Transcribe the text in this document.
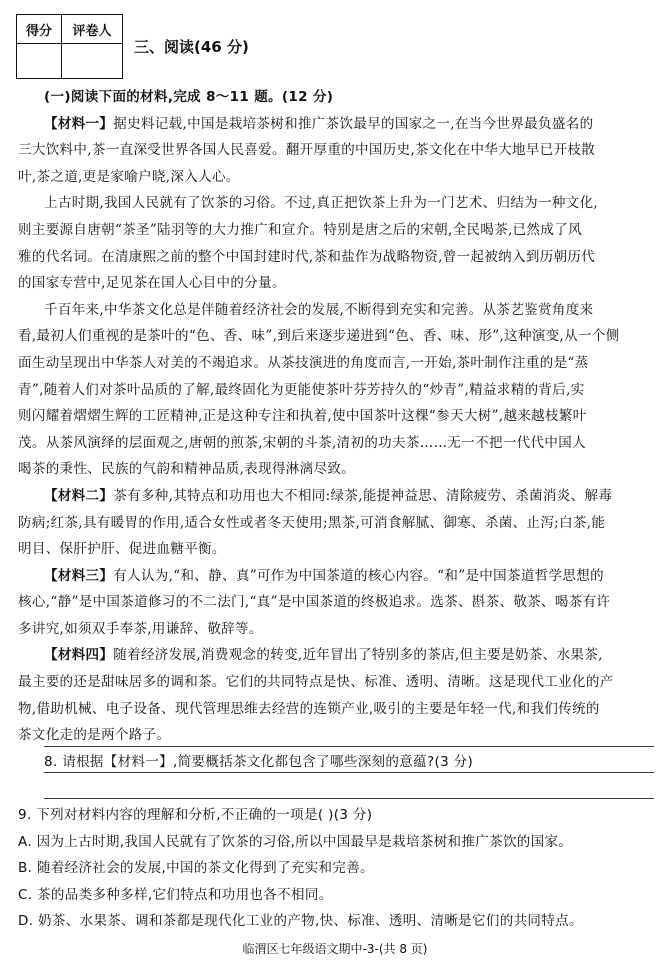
得分	评卷人

三、阅读(46 分)
(一)阅读下面的材料,完成 8～11 题。(12 分)
【材料一】据史料记载,中国是栽培茶树和推广茶饮最早的国家之一,在当今世界最负盛名的
三大饮料中,茶一直深受世界各国人民喜爱。翻开厚重的中国历史,茶文化在中华大地早已开枝散
叶,茶之道,更是家喻户晓,深入人心。
上古时期,我国人民就有了饮茶的习俗。不过,真正把饮茶上升为一门艺术、归结为一种文化,
则主要源自唐朝“茶圣”陆羽等的大力推广和宣介。特别是唐之后的宋朝,全民喝茶,已然成了风
雅的代名词。在清康熙之前的整个中国封建时代,茶和盐作为战略物资,曾一起被纳入到历朝历代
的国家专营中,足见茶在国人心目中的分量。
千百年来,中华茶文化总是伴随着经济社会的发展,不断得到充实和完善。从茶艺鉴赏角度来
看,最初人们重视的是茶叶的“色、香、味”,到后来逐步递进到“色、香、味、形”,这种演变,从一个侧
面生动呈现出中华茶人对美的不竭追求。从茶技演进的角度而言,一开始,茶叶制作注重的是“蒸
青”,随着人们对茶叶品质的了解,最终固化为更能使茶叶芬芳持久的“炒青”,精益求精的背后,实
则闪耀着熠熠生辉的工匠精神,正是这种专注和执着,使中国茶叶这棵“参天大树”,越来越枝繁叶
茂。从茶风演绎的层面观之,唐朝的煎茶,宋朝的斗茶,清初的功夫茶……无一不把一代代中国人
喝茶的秉性、民族的气韵和精神品质,表现得淋漓尽致。
【材料二】茶有多种,其特点和功用也大不相同:绿茶,能提神益思、清除疲劳、杀菌消炎、解毒
防病;红茶,具有暖胃的作用,适合女性或者冬天使用;黑茶,可消食解腻、御寒、杀菌、止泻;白茶,能
明目、保肝护肝、促进血糖平衡。
【材料三】有人认为,“和、静、真”可作为中国茶道的核心内容。“和”是中国茶道哲学思想的
核心,“静”是中国茶道修习的不二法门,“真”是中国茶道的终极追求。选茶、斟茶、敬茶、喝茶有许
多讲究,如须双手奉茶,用谦辞、敬辞等。
【材料四】随着经济发展,消费观念的转变,近年冒出了特别多的茶店,但主要是奶茶、水果茶,
最主要的还是甜味居多的调和茶。它们的共同特点是快、标准、透明、清晰。这是现代工业化的产
物,借助机械、电子设备、现代管理思维去经营的连锁产业,吸引的主要是年轻一代,和我们传统的
茶文化走的是两个路子。
8. 请根据【材料一】,简要概括茶文化都包含了哪些深刻的意蕴?(3 分)
9. 下列对材料内容的理解和分析,不正确的一项是( )(3 分)
A. 因为上古时期,我国人民就有了饮茶的习俗,所以中国最早是栽培茶树和推广茶饮的国家。
B. 随着经济社会的发展,中国的茶文化得到了充实和完善。
C. 茶的品类多种多样,它们特点和功用也各不相同。
D. 奶茶、水果茶、调和茶都是现代化工业的产物,快、标准、透明、清晰是它们的共同特点。
临渭区七年级语文期中-3-(共 8 页)
